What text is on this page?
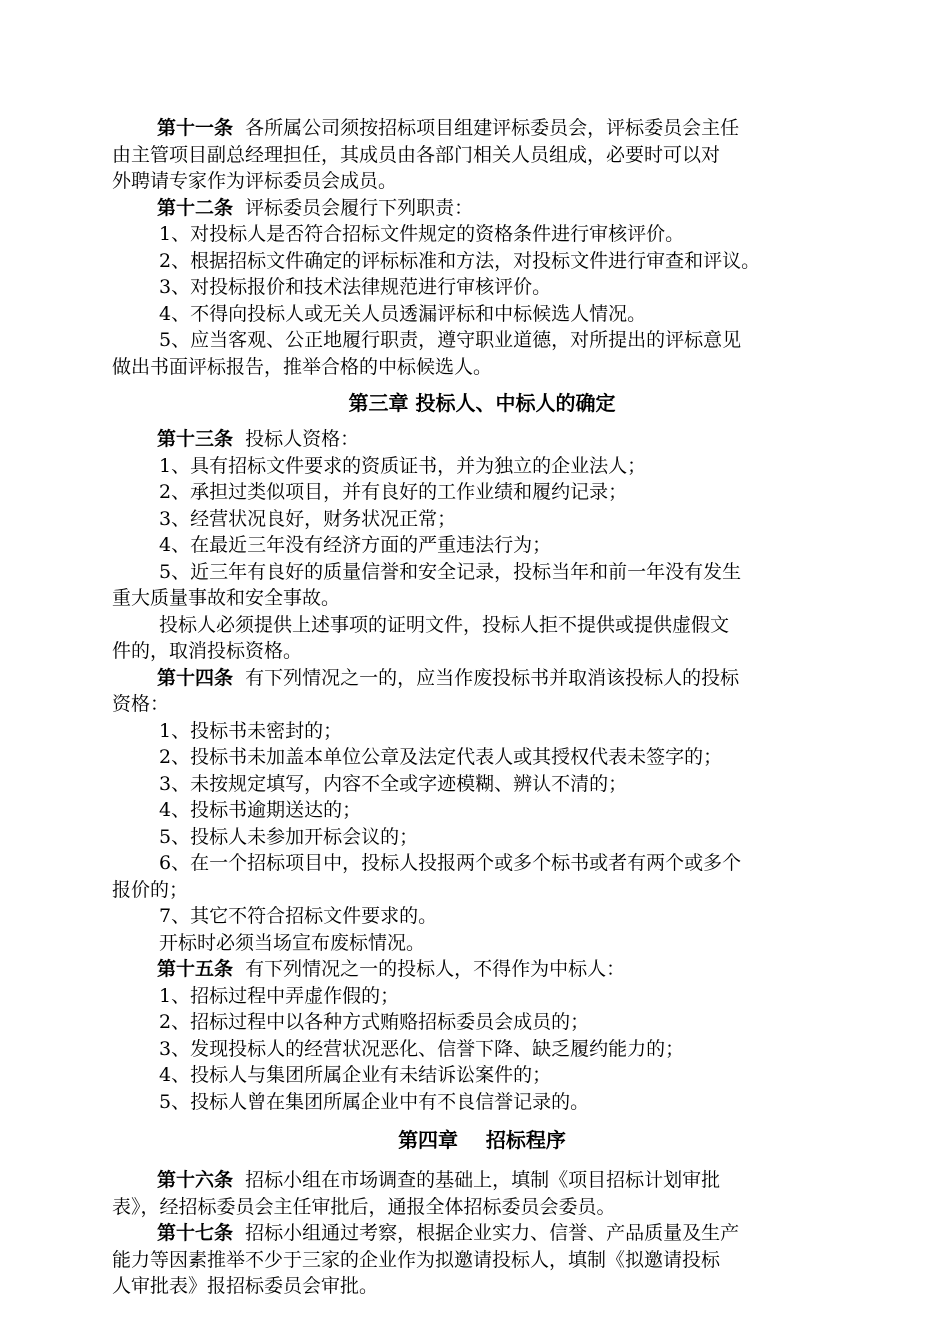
第十一条 各所属公司须按招标项目组建评标委员会，评标委员会主任
由主管项目副总经理担任，其成员由各部门相关人员组成，必要时可以对
外聘请专家作为评标委员会成员。
第十二条 评标委员会履行下列职责：
1、对投标人是否符合招标文件规定的资格条件进行审核评价。
2、根据招标文件确定的评标标准和方法，对投标文件进行审查和评议。
3、对投标报价和技术法律规范进行审核评价。
4、不得向投标人或无关人员透漏评标和中标候选人情况。
5、应当客观、公正地履行职责，遵守职业道德，对所提出的评标意见
做出书面评标报告，推举合格的中标候选人。
第三章 投标人、中标人的确定
第十三条 投标人资格：
1、具有招标文件要求的资质证书，并为独立的企业法人；
2、承担过类似项目，并有良好的工作业绩和履约记录；
3、经营状况良好，财务状况正常；
4、在最近三年没有经济方面的严重违法行为；
5、近三年有良好的质量信誉和安全记录，投标当年和前一年没有发生
重大质量事故和安全事故。
投标人必须提供上述事项的证明文件，投标人拒不提供或提供虚假文
件的，取消投标资格。
第十四条 有下列情况之一的，应当作废投标书并取消该投标人的投标
资格：
1、投标书未密封的；
2、投标书未加盖本单位公章及法定代表人或其授权代表未签字的；
3、未按规定填写，内容不全或字迹模糊、辨认不清的；
4、投标书逾期送达的；
5、投标人未参加开标会议的；
6、在一个招标项目中，投标人投报两个或多个标书或者有两个或多个
报价的；
7、其它不符合招标文件要求的。
开标时必须当场宣布废标情况。
第十五条 有下列情况之一的投标人，不得作为中标人：
1、招标过程中弄虚作假的；
2、招标过程中以各种方式贿赂招标委员会成员的；
3、发现投标人的经营状况恶化、信誉下降、缺乏履约能力的；
4、投标人与集团所属企业有未结诉讼案件的；
5、投标人曾在集团所属企业中有不良信誉记录的。
第四章    招标程序
第十六条 招标小组在市场调查的基础上，填制《项目招标计划审批
表》，经招标委员会主任审批后，通报全体招标委员会委员。
第十七条 招标小组通过考察，根据企业实力、信誉、产品质量及生产
能力等因素推举不少于三家的企业作为拟邀请投标人，填制《拟邀请投标
人审批表》报招标委员会审批。
